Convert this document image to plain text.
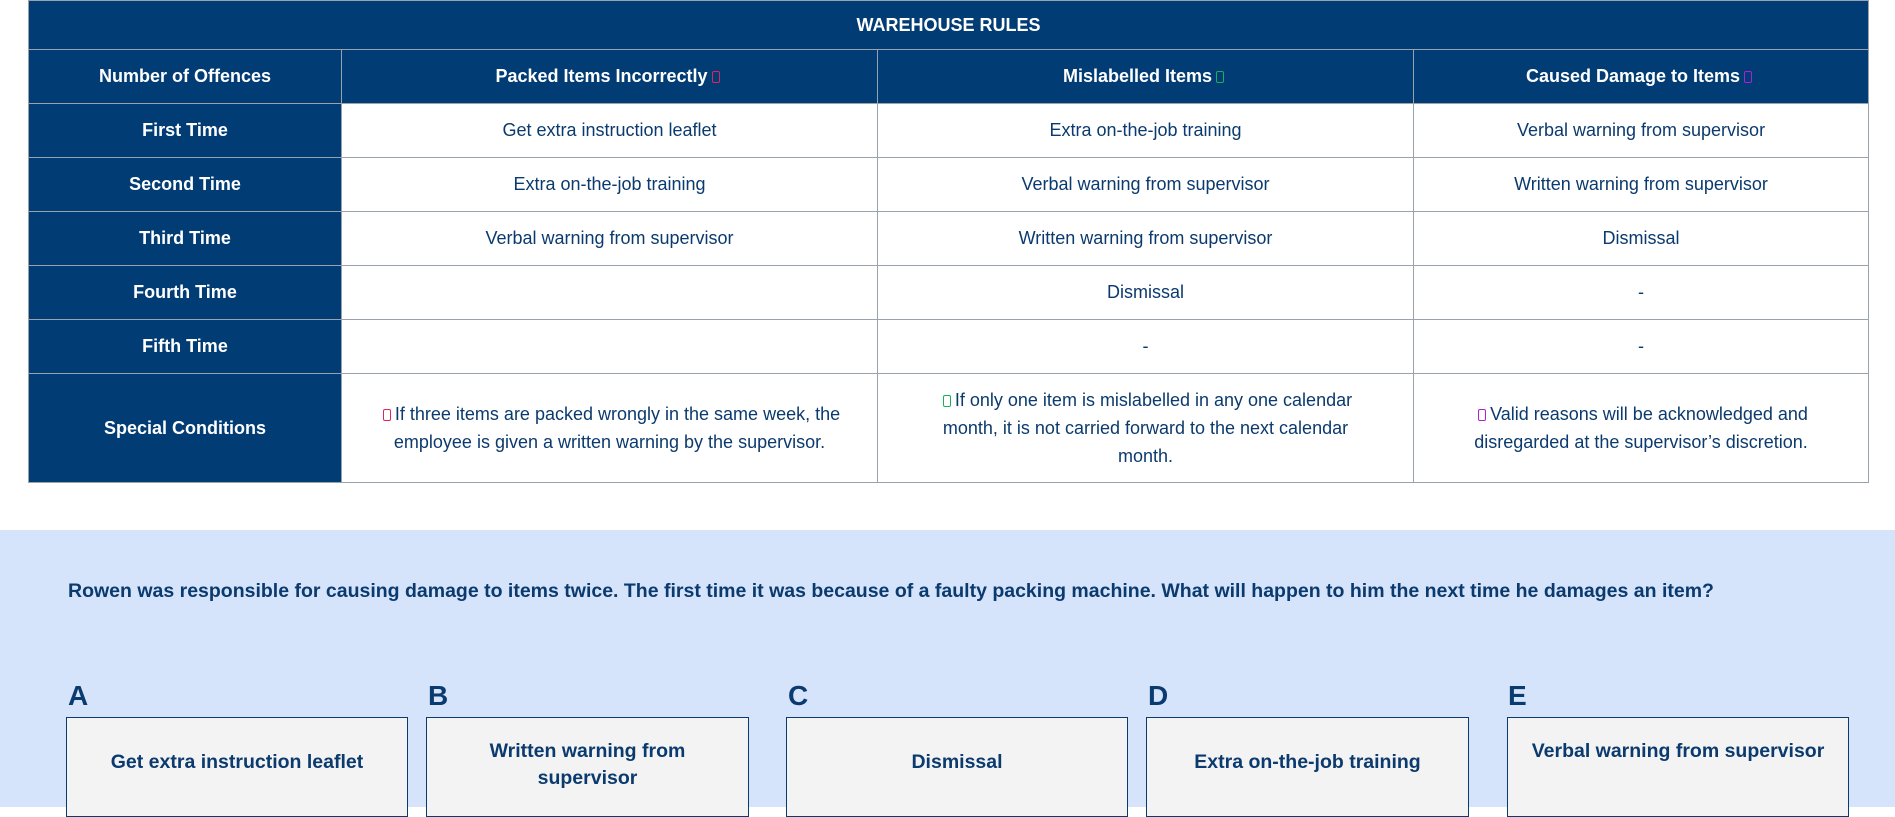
WAREHOUSE RULES			
Number of Offences	Packed Items Incorrectly	Mislabelled Items	Caused Damage to Items
First Time	Get extra instruction leaflet	Extra on-the-job training	Verbal warning from supervisor
Second Time	Extra on-the-job training	Verbal warning from supervisor	Written warning from supervisor
Third Time	Verbal warning from supervisor	Written warning from supervisor	Dismissal
Fourth Time		Dismissal	-
Fifth Time		-	-
Special Conditions	If three items are packed wrongly in the same week, the employee is given a written warning by the supervisor.	If only one item is mislabelled in any one calendar month, it is not carried forward to the next calendar month.	Valid reasons will be acknowledged and disregarded at the supervisor’s discretion.
Rowen was responsible for causing damage to items twice. The first time it was because of a faulty packing machine. What will happen to him the next time he damages an item?
A
Get extra instruction leaflet
B
Written warning from supervisor
C
Dismissal
D
Extra on-the-job training
E
Verbal warning from supervisor
